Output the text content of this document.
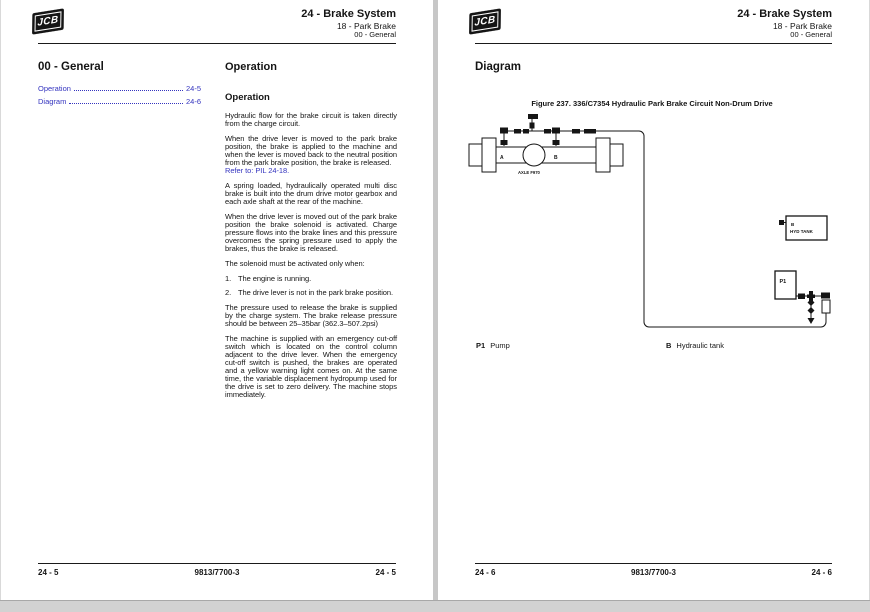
JCB
24 - Brake System
18 - Park Brake
00 - General
00 - General
Operation	24-5
Diagram	24-6
Operation
Operation
Hydraulic flow for the brake circuit is taken directly from the charge circuit.
When the drive lever is moved to the park brake position, the brake is applied to the machine and when the lever is moved back to the neutral position from the park brake position, the brake is released.
Refer to: PIL 24-18.
A spring loaded, hydraulically operated multi disc brake is built into the drum drive motor gearbox and each axle shaft at the rear of the machine.
When the drive lever is moved out of the park brake position the brake solenoid is activated. Charge pressure flows into the brake lines and this pressure overcomes the spring pressure used to apply the brakes, thus the brake is released.
The solenoid must be activated only when:
1. The engine is running.
2. The drive lever is not in the park brake position.
The pressure used to release the brake is supplied by the charge system. The brake release pressure should be between 25–35bar (362.3–507.2psi)
The machine is supplied with an emergency cut-off switch which is located on the control column adjacent to the drive lever. When the emergency cut-off switch is pushed, the brakes are operated and a yellow warning light comes on. At the same time, the variable displacement hydropump used for the drive is set to zero delivery. The machine stops immediately.
24 - 5	9813/7700-3	24 - 5
JCB
24 - Brake System
18 - Park Brake
00 - General
Diagram
Figure 237. 336/C7354 Hydraulic Park Brake Circuit Non-Drum Drive
A	B
AXLE F970
P1
B
HYD TANK
P1 Pump	B Hydraulic tank
24 - 6	9813/7700-3	24 - 6
